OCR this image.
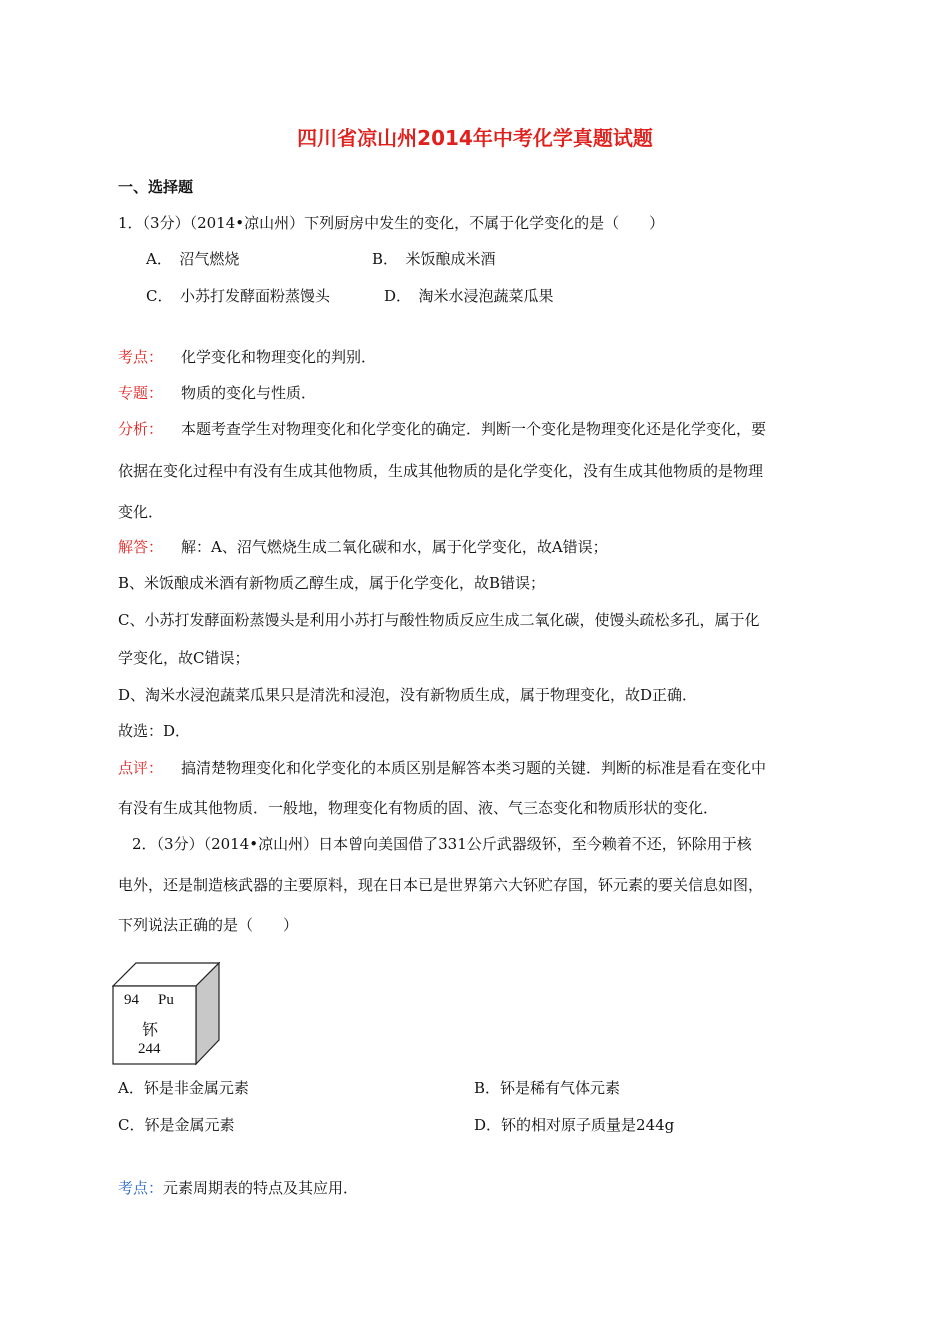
四川省凉山州2014年中考化学真题试题
一、选择题
1．（3分）（2014•凉山州）下列厨房中发生的变化，不属于化学变化的是（　　）
A．　沼气燃烧	B．　米饭酿成米酒
C．　小苏打发酵面粉蒸馒头	D．　淘米水浸泡蔬菜瓜果
考点： 化学变化和物理变化的判别．
专题： 物质的变化与性质．
分析： 本题考查学生对物理变化和化学变化的确定．判断一个变化是物理变化还是化学变化，要
依据在变化过程中有没有生成其他物质，生成其他物质的是化学变化，没有生成其他物质的是物理
变化．
解答： 解：A、沼气燃烧生成二氧化碳和水，属于化学变化，故A错误；
B、米饭酿成米酒有新物质乙醇生成，属于化学变化，故B错误；
C、小苏打发酵面粉蒸馒头是利用小苏打与酸性物质反应生成二氧化碳，使馒头疏松多孔，属于化
学变化，故C错误；
D、淘米水浸泡蔬菜瓜果只是清洗和浸泡，没有新物质生成，属于物理变化，故D正确．
故选：D．
点评： 搞清楚物理变化和化学变化的本质区别是解答本类习题的关键．判断的标准是看在变化中
有没有生成其他物质．一般地，物理变化有物质的固、液、气三态变化和物质形状的变化．
2．（3分）（2014•凉山州）日本曾向美国借了331公斤武器级钚，至今赖着不还，钚除用于核
电外，还是制造核武器的主要原料，现在日本已是世界第六大钚贮存国，钚元素的要关信息如图，
下列说法正确的是（　　）
94 Pu
钚
244
A．钚是非金属元素	B．钚是稀有气体元素
C．钚是金属元素	D．钚的相对原子质量是244g
考点：元素周期表的特点及其应用．
